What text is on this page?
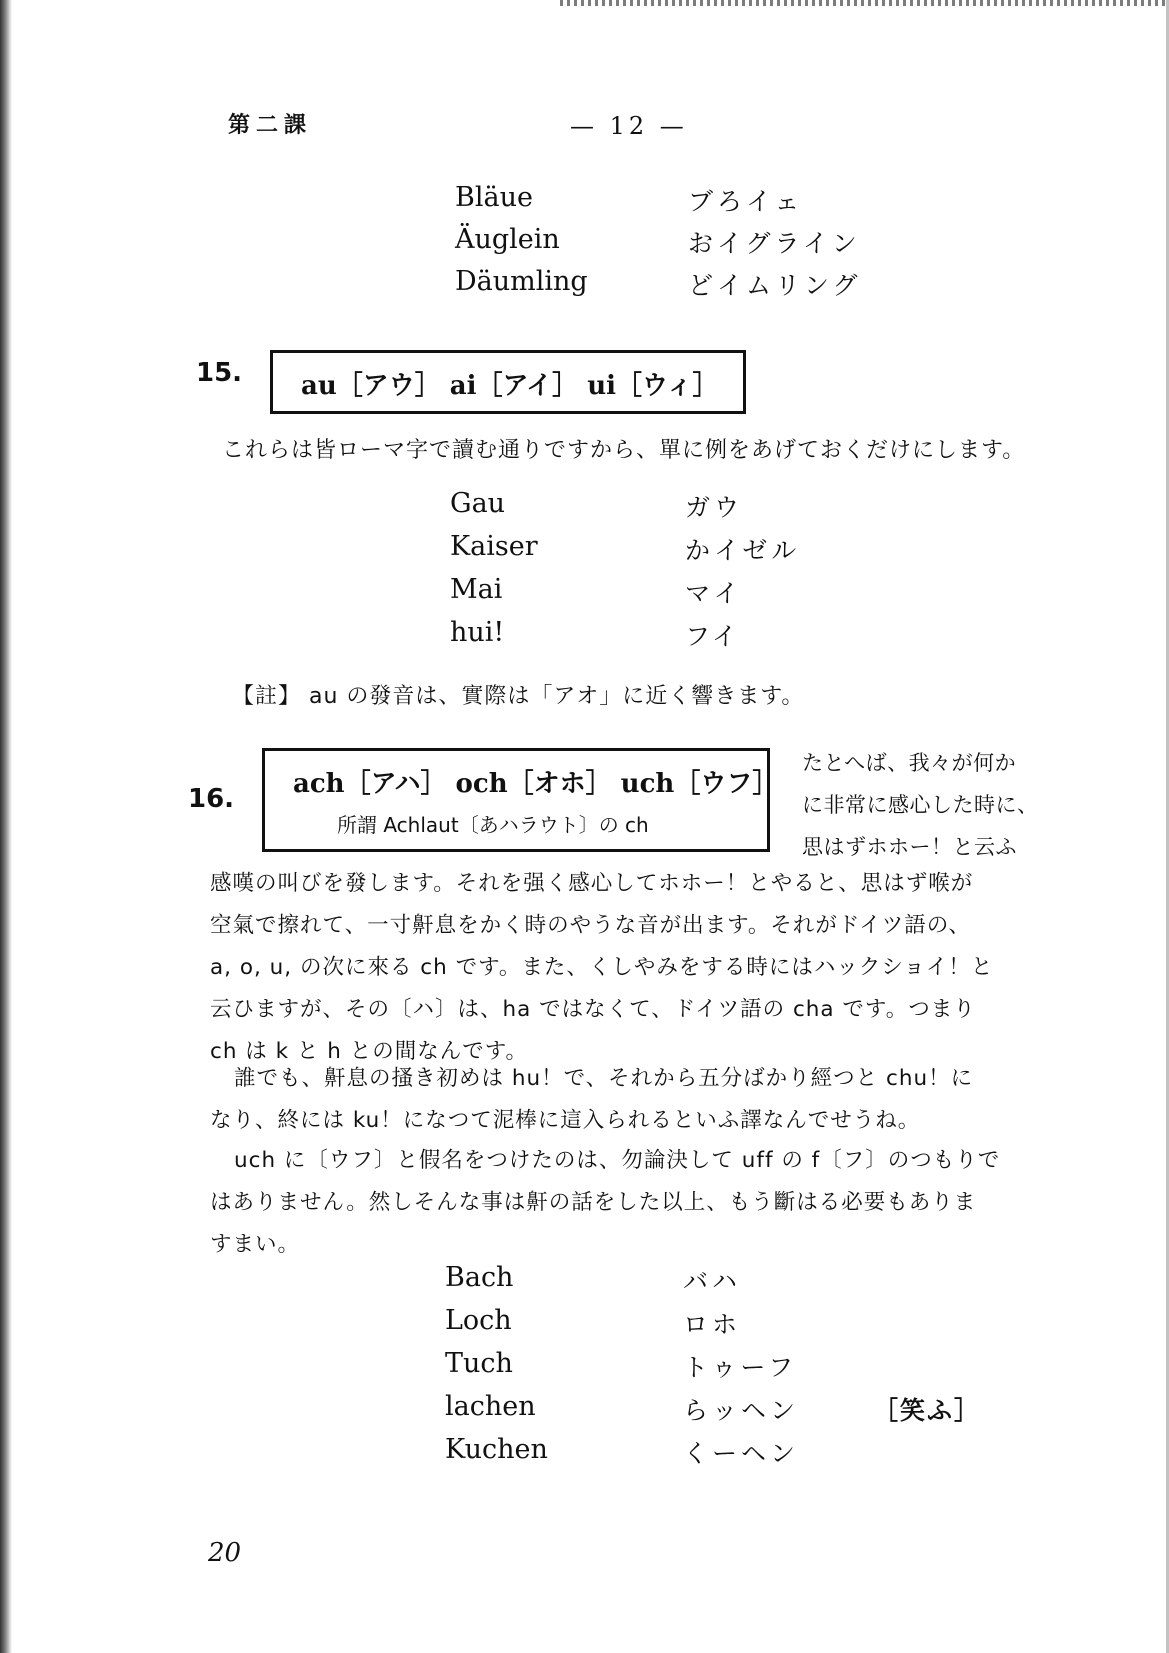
第二課	— 12 —
Bläue	ブろイェ
Äuglein	おイグライン
Däumling	どイムリング
15. au［アウ］ ai［アイ］ ui［ウィ］
これらは皆ローマ字で讀む通りですから、單に例をあげておくだけにします。
Gau	ガウ
Kaiser	かイゼル
Mai	マイ
hui!	フイ
【註】 au の發音は、實際は「アオ」に近く響きます。
16. ach［アハ］ och［オホ］ uch［ウフ］
所謂 Achlaut〔あハラウト〕の ch
たとへば、我々が何か
に非常に感心した時に、
思はずホホー！と云ふ
感嘆の叫びを發します。それを强く感心してホホー！とやると、思はず喉が
空氣で擦れて、一寸鼾息をかく時のやうな音が出ます。それがドイツ語の、
a, o, u, の次に來る ch です。また、くしやみをする時にはハックショイ！と
云ひますが、その〔ハ〕は、ha ではなくて、ドイツ語の cha です。つまり
ch は k と h との間なんです。
誰でも、鼾息の搔き初めは hu！で、それから五分ばかり經つと chu！に
なり、終には ku！になつて泥棒に這入られるといふ譯なんでせうね。
uch に〔ウフ〕と假名をつけたのは、勿論決して uff の f〔フ〕のつもりで
はありません。然しそんな事は鼾の話をした以上、もう斷はる必要もありま
すまい。
Bach	バハ
Loch	ロホ
Tuch	トゥーフ
lachen	らッヘン	［笑ふ］
Kuchen	くーヘン
20
